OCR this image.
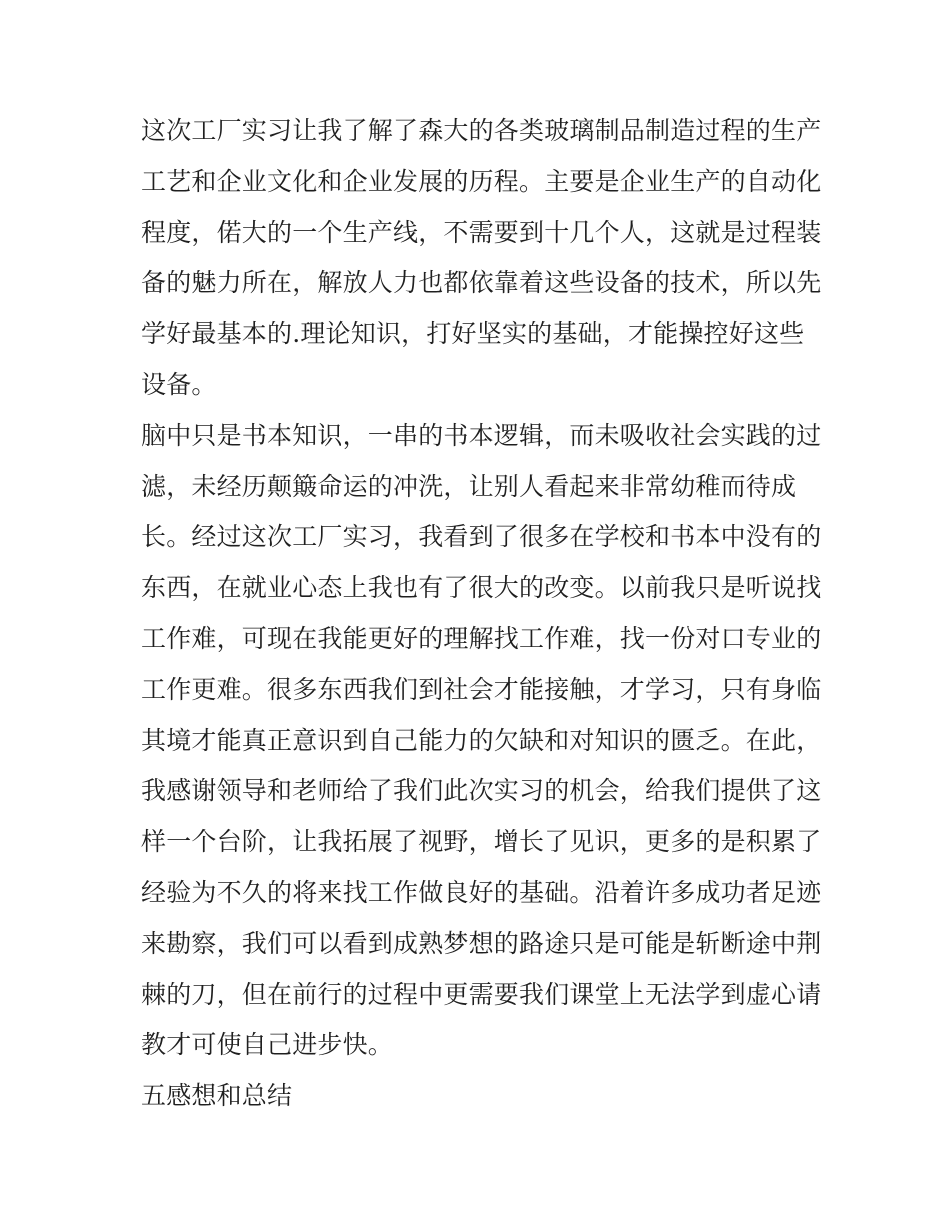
这次工厂实习让我了解了森大的各类玻璃制品制造过程的生产
工艺和企业文化和企业发展的历程。主要是企业生产的自动化
程度，偌大的一个生产线，不需要到十几个人，这就是过程装
备的魅力所在，解放人力也都依靠着这些设备的技术，所以先
学好最基本的.理论知识，打好坚实的基础，才能操控好这些
设备。
脑中只是书本知识，一串的书本逻辑，而未吸收社会实践的过
滤，未经历颠簸命运的冲洗，让别人看起来非常幼稚而待成
长。经过这次工厂实习，我看到了很多在学校和书本中没有的
东西，在就业心态上我也有了很大的改变。以前我只是听说找
工作难，可现在我能更好的理解找工作难，找一份对口专业的
工作更难。很多东西我们到社会才能接触，才学习，只有身临
其境才能真正意识到自己能力的欠缺和对知识的匮乏。在此，
我感谢领导和老师给了我们此次实习的机会，给我们提供了这
样一个台阶，让我拓展了视野，增长了见识，更多的是积累了
经验为不久的将来找工作做良好的基础。沿着许多成功者足迹
来勘察，我们可以看到成熟梦想的路途只是可能是斩断途中荆
棘的刀，但在前行的过程中更需要我们课堂上无法学到虚心请
教才可使自己进步快。
五感想和总结
